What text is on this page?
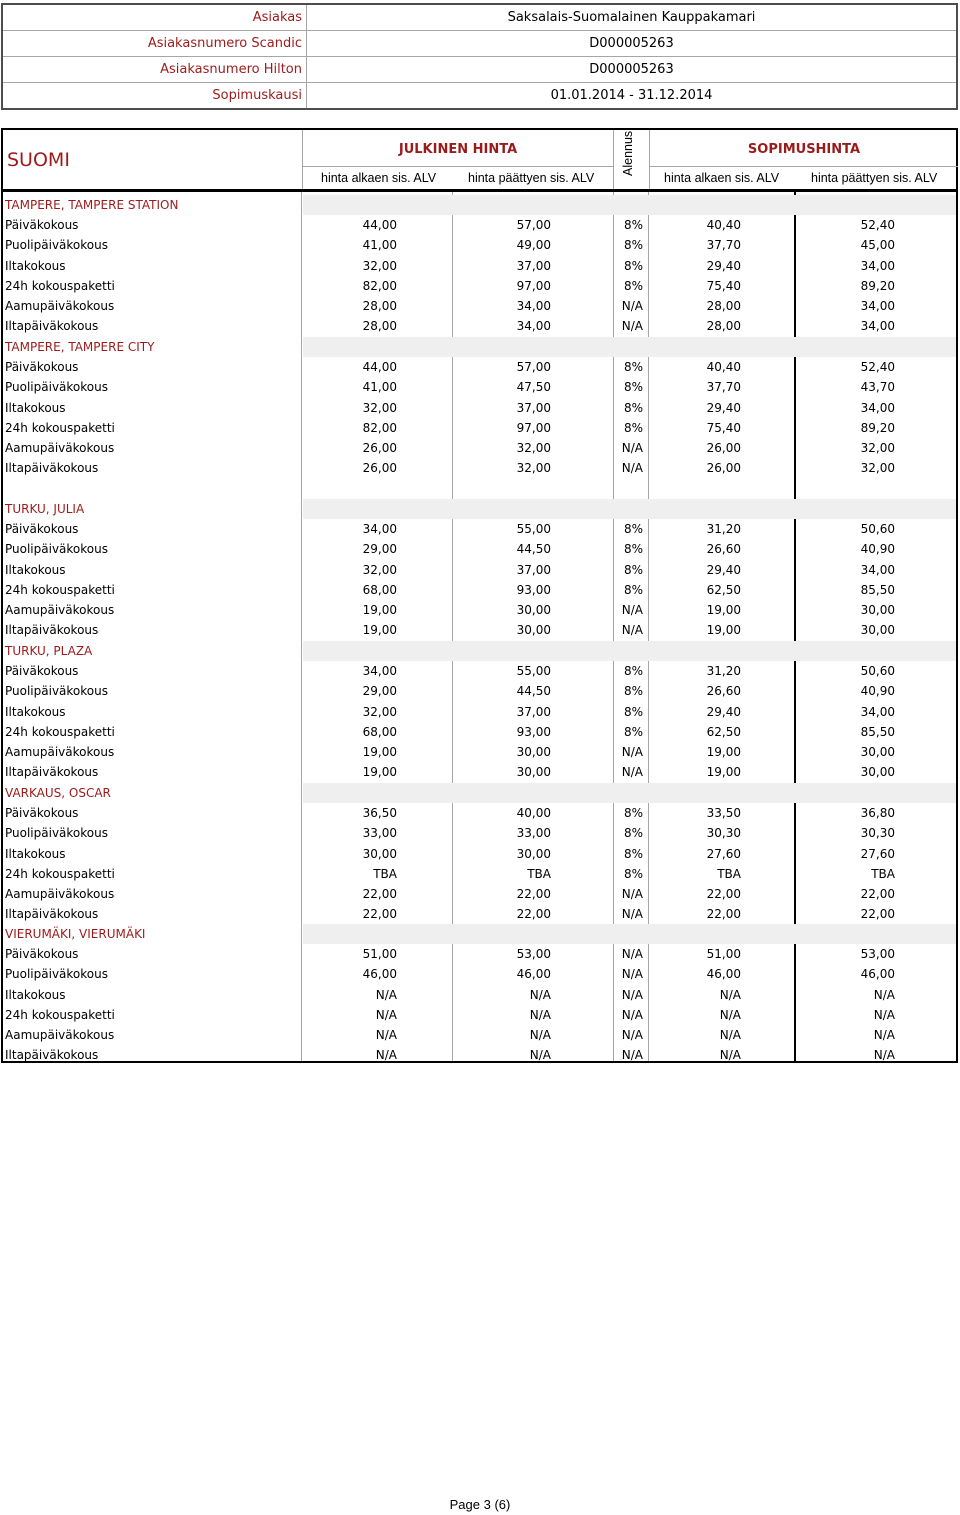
Asiakas	Saksalais-Suomalainen Kauppakamari
Asiakasnumero Scandic	D000005263
Asiakasnumero Hilton	D000005263
Sopimuskausi	01.01.2014 - 31.12.2014
SUOMI	JULKINEN HINTA
hinta alkaen sis. ALV	hinta päättyen sis. ALV
Alennus	SOPIMUSHINTA
hinta alkaen sis. ALV	hinta päättyen sis. ALV
TAMPERE, TAMPERE STATION
Päiväkokous	44,00	57,00	8%	40,40	52,40
Puolipäiväkokous	41,00	49,00	8%	37,70	45,00
Iltakokous	32,00	37,00	8%	29,40	34,00
24h kokouspaketti	82,00	97,00	8%	75,40	89,20
Aamupäiväkokous	28,00	34,00	N/A	28,00	34,00
Iltapäiväkokous	28,00	34,00	N/A	28,00	34,00
TAMPERE, TAMPERE CITY
Päiväkokous	44,00	57,00	8%	40,40	52,40
Puolipäiväkokous	41,00	47,50	8%	37,70	43,70
Iltakokous	32,00	37,00	8%	29,40	34,00
24h kokouspaketti	82,00	97,00	8%	75,40	89,20
Aamupäiväkokous	26,00	32,00	N/A	26,00	32,00
Iltapäiväkokous	26,00	32,00	N/A	26,00	32,00
TURKU, JULIA
Päiväkokous	34,00	55,00	8%	31,20	50,60
Puolipäiväkokous	29,00	44,50	8%	26,60	40,90
Iltakokous	32,00	37,00	8%	29,40	34,00
24h kokouspaketti	68,00	93,00	8%	62,50	85,50
Aamupäiväkokous	19,00	30,00	N/A	19,00	30,00
Iltapäiväkokous	19,00	30,00	N/A	19,00	30,00
TURKU, PLAZA
Päiväkokous	34,00	55,00	8%	31,20	50,60
Puolipäiväkokous	29,00	44,50	8%	26,60	40,90
Iltakokous	32,00	37,00	8%	29,40	34,00
24h kokouspaketti	68,00	93,00	8%	62,50	85,50
Aamupäiväkokous	19,00	30,00	N/A	19,00	30,00
Iltapäiväkokous	19,00	30,00	N/A	19,00	30,00
VARKAUS, OSCAR
Päiväkokous	36,50	40,00	8%	33,50	36,80
Puolipäiväkokous	33,00	33,00	8%	30,30	30,30
Iltakokous	30,00	30,00	8%	27,60	27,60
24h kokouspaketti	TBA	TBA	8%	TBA	TBA
Aamupäiväkokous	22,00	22,00	N/A	22,00	22,00
Iltapäiväkokous	22,00	22,00	N/A	22,00	22,00
VIERUMÄKI, VIERUMÄKI
Päiväkokous	51,00	53,00	N/A	51,00	53,00
Puolipäiväkokous	46,00	46,00	N/A	46,00	46,00
Iltakokous	N/A	N/A	N/A	N/A	N/A
24h kokouspaketti	N/A	N/A	N/A	N/A	N/A
Aamupäiväkokous	N/A	N/A	N/A	N/A	N/A
Iltapäiväkokous	N/A	N/A	N/A	N/A	N/A
Page 3 (6)
